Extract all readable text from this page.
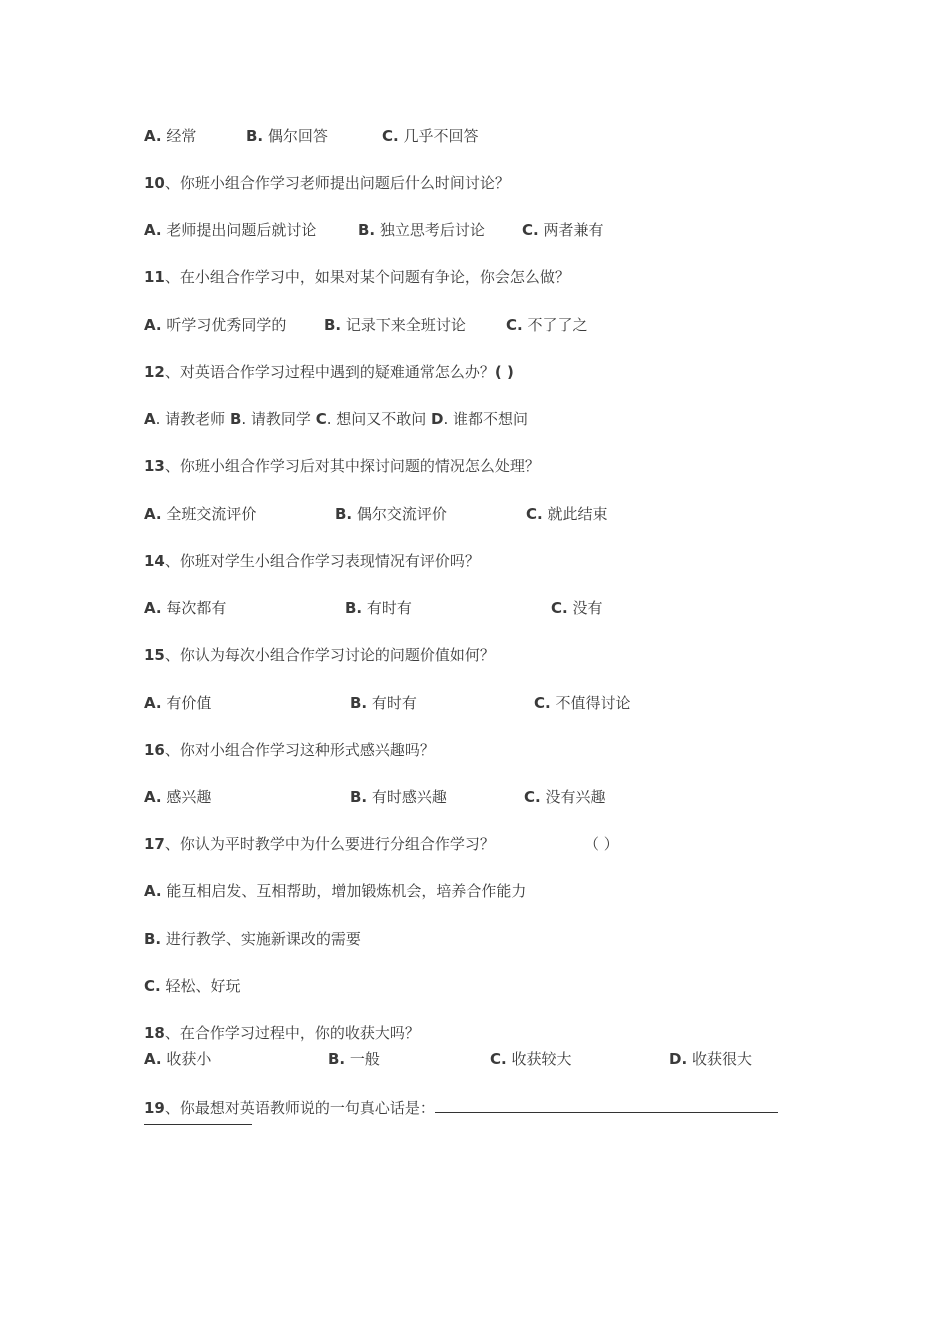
A. 经常	B. 偶尔回答	C. 几乎不回答
10、你班小组合作学习老师提出问题后什么时间讨论？
A. 老师提出问题后就讨论	B. 独立思考后讨论 C. 两者兼有
11、在小组合作学习中，如果对某个问题有争论，你会怎么做？
A. 听学习优秀同学的	B. 记录下来全班讨论	C. 不了了之
12、对英语合作学习过程中遇到的疑难通常怎么办？( )
A. 请教老师 B. 请教同学 C. 想问又不敢问 D. 谁都不想问
13、你班小组合作学习后对其中探讨问题的情况怎么处理？
A. 全班交流评价	B. 偶尔交流评价	C. 就此结束
14、你班对学生小组合作学习表现情况有评价吗？
A. 每次都有	B. 有时有	C. 没有
15、你认为每次小组合作学习讨论的问题价值如何？
A. 有价值	B. 有时有	C. 不值得讨论
16、你对小组合作学习这种形式感兴趣吗？
A. 感兴趣	B. 有时感兴趣	C. 没有兴趣
17、你认为平时教学中为什么要进行分组合作学习？	（ ）
A. 能互相启发、互相帮助，增加锻炼机会，培养合作能力
B. 进行教学、实施新课改的需要
C. 轻松、好玩
18、在合作学习过程中，你的收获大吗？
A. 收获小	B. 一般	C. 收获较大	D. 收获很大
19、你最想对英语教师说的一句真心话是：
